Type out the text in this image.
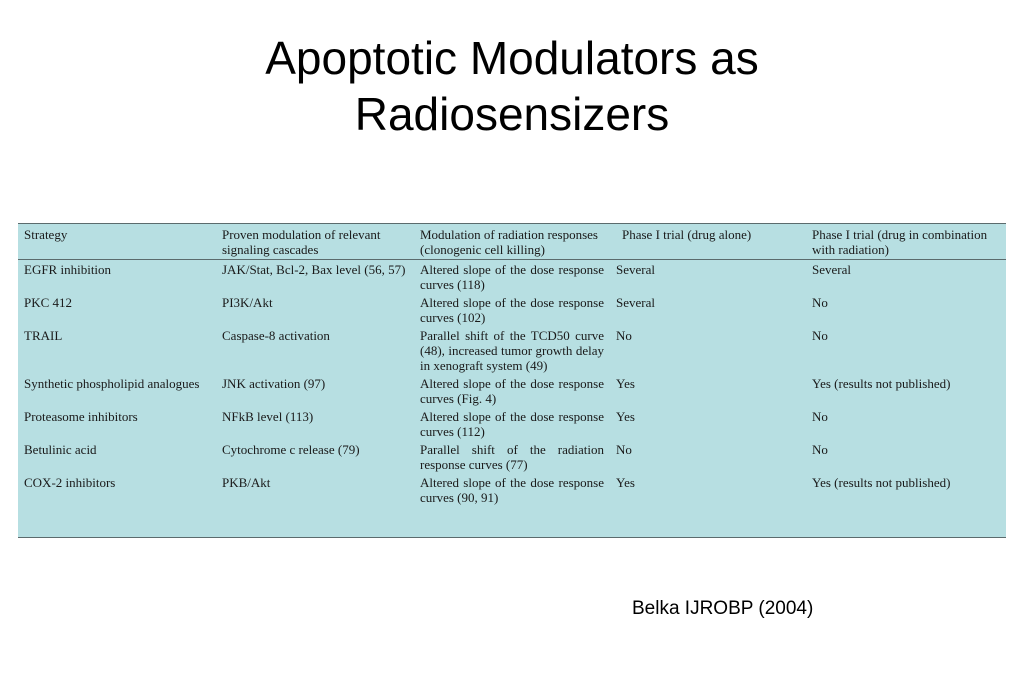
Apoptotic Modulators as
Radiosensizers
Strategy	Proven modulation of relevant signaling cascades	Modulation of radiation responses (clonogenic cell killing)	Phase I trial (drug alone)	Phase I trial (drug in combination with radiation)
EGFR inhibition	JAK/Stat, Bcl-2, Bax level (56, 57)	Altered slope of the dose response curves (118)	Several	Several
PKC 412	PI3K/Akt	Altered slope of the dose response curves (102)	Several	No
TRAIL	Caspase-8 activation	Parallel shift of the TCD50 curve (48), increased tumor growth delay in xenograft system (49)	No	No
Synthetic phospholipid analogues	JNK activation (97)	Altered slope of the dose response curves (Fig. 4)	Yes	Yes (results not published)
Proteasome inhibitors	NFkB level (113)	Altered slope of the dose response curves (112)	Yes	No
Betulinic acid	Cytochrome c release (79)	Parallel shift of the radiation response curves (77)	No	No
COX-2 inhibitors	PKB/Akt	Altered slope of the dose response curves (90, 91)	Yes	Yes (results not published)
Belka IJROBP (2004)
